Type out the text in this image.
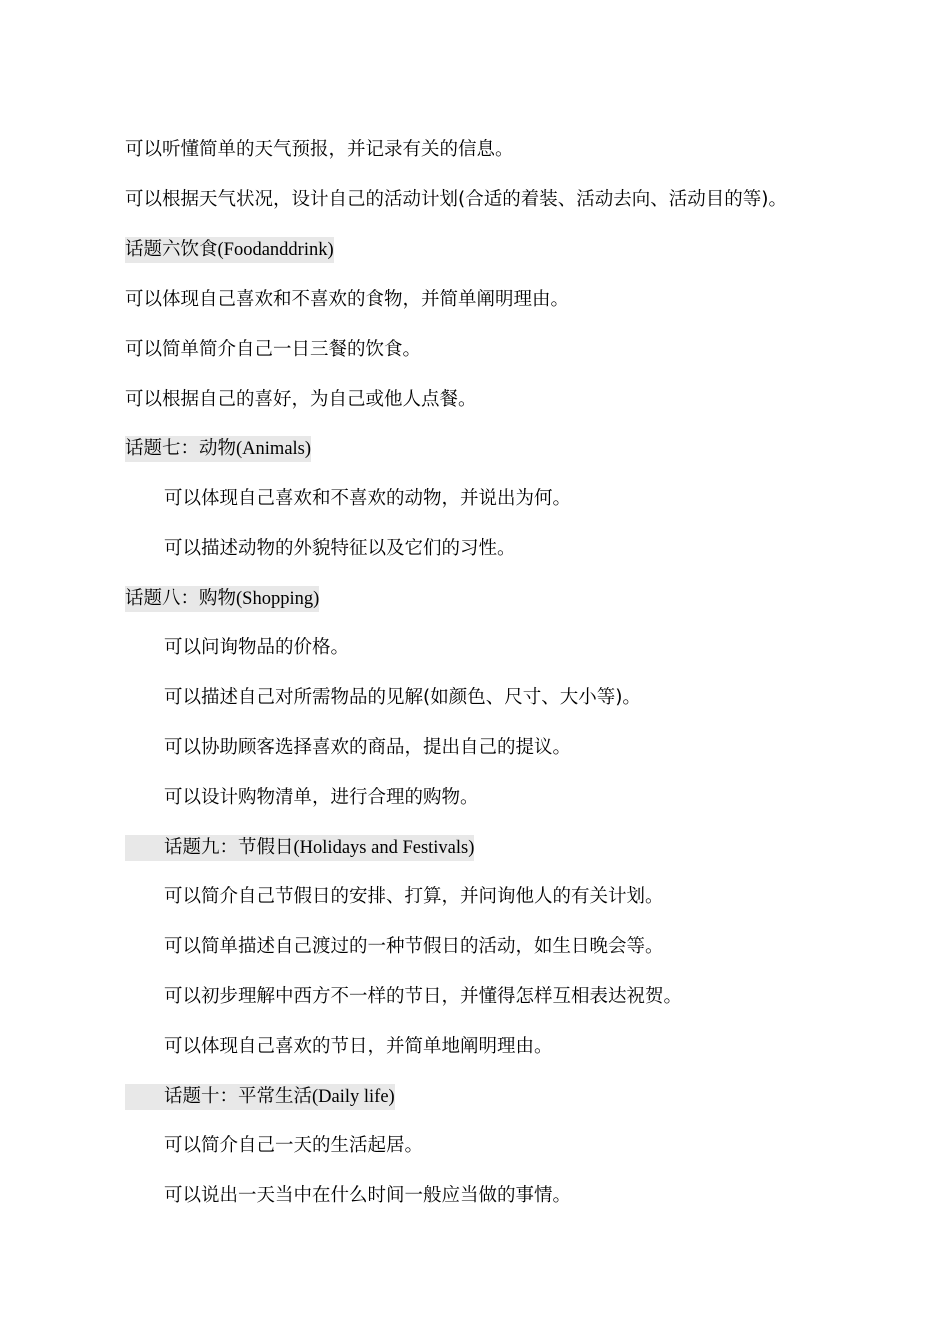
可以听懂简单的天气预报，并记录有关的信息。
可以根据天气状况，设计自己的活动计划(合适的着装、活动去向、活动目的等)。
话题六饮食(Foodanddrink)
可以体现自己喜欢和不喜欢的食物，并简单阐明理由。
可以简单简介自己一日三餐的饮食。
可以根据自己的喜好，为自己或他人点餐。
话题七：动物(Animals)
可以体现自己喜欢和不喜欢的动物，并说出为何。
可以描述动物的外貌特征以及它们的习性。
话题八：购物(Shopping)
可以问询物品的价格。
可以描述自己对所需物品的见解(如颜色、尺寸、大小等)。
可以协助顾客选择喜欢的商品，提出自己的提议。
可以设计购物清单，进行合理的购物。
话题九：节假日(Holidays and Festivals)
可以简介自己节假日的安排、打算，并问询他人的有关计划。
可以简单描述自己渡过的一种节假日的活动，如生日晚会等。
可以初步理解中西方不一样的节日，并懂得怎样互相表达祝贺。
可以体现自己喜欢的节日，并简单地阐明理由。
话题十：平常生活(Daily life)
可以简介自己一天的生活起居。
可以说出一天当中在什么时间一般应当做的事情。
